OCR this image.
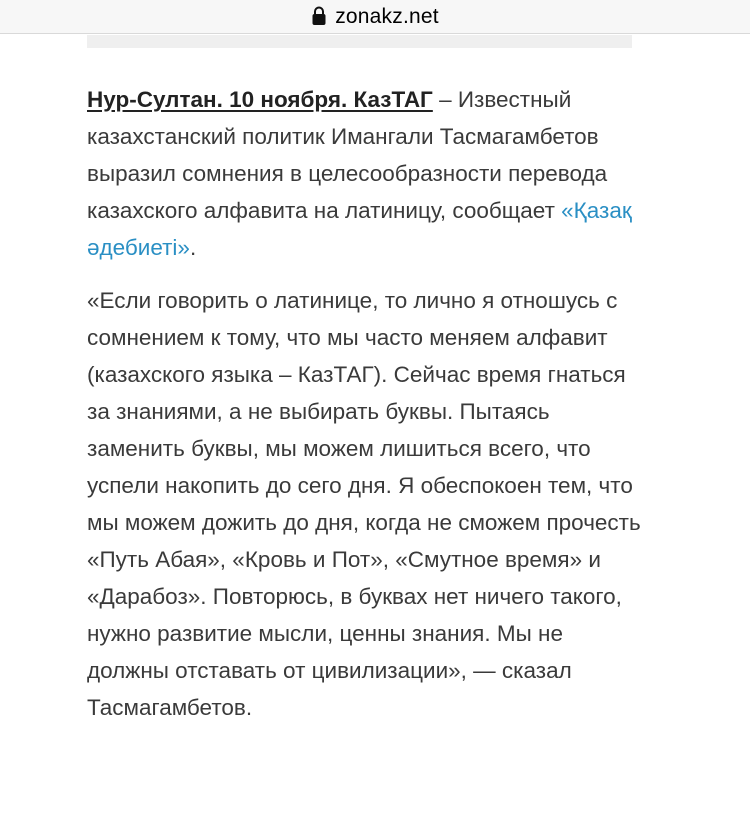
zonakz.net

Нур-Султан. 10 ноября. КазТАГ – Известный казахстанский политик Имангали Тасмагамбетов выразил сомнения в целесообразности перевода казахского алфавита на латиницу, сообщает «Қазақ әдебиеті».

«Если говорить о латинице, то лично я отношусь с сомнением к тому, что мы часто меняем алфавит (казахского языка – КазТАГ). Сейчас время гнаться за знаниями, а не выбирать буквы. Пытаясь заменить буквы, мы можем лишиться всего, что успели накопить до сего дня. Я обеспокоен тем, что мы можем дожить до дня, когда не сможем прочесть «Путь Абая», «Кровь и Пот», «Смутное время» и «Дарабоз». Повторюсь, в буквах нет ничего такого, нужно развитие мысли, ценны знания. Мы не должны отставать от цивилизации», — сказал Тасмагамбетов.
